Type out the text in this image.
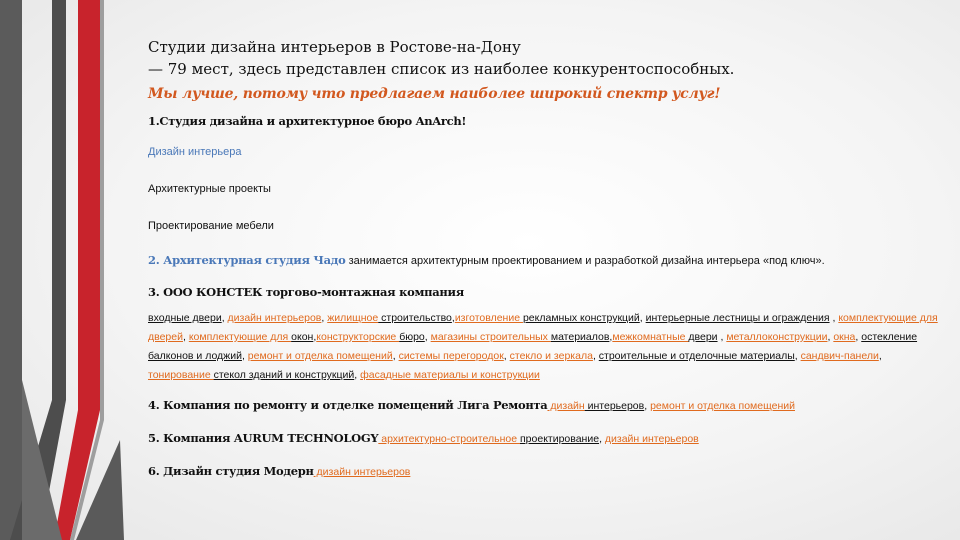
Студии дизайна интерьеров в Ростове-на-Дону

— 79 мест, здесь представлен список из наиболее конкурентоспособных.

Мы лучше, потому что предлагаем наиболее широкий спектр услуг!

1.Студия дизайна и архитектурное бюро AnArch!
Дизайн интерьера
Архитектурные проекты
Проектирование мебели
2. Архитектурная студия Чадо занимается архитектурным проектированием и разработкой дизайна интерьера «под ключ».
3. ООО КОНСТЕК торгово-монтажная компания
входные двери, дизайн интерьеров, жилищное строительство,изготовление рекламных конструкций, интерьерные лестницы и ограждения , комплектующие для дверей, комплектующие для окон,конструкторские бюро, магазины строительных материалов,межкомнатные двери , металлоконструкции, окна, остекление балконов и лоджий, ремонт и отделка помещений, системы перегородок, стекло и зеркала, строительные и отделочные материалы, сандвич-панели, тонирование стекол зданий и конструкций, фасадные материалы и конструкции
4. Компания по ремонту и отделке помещений Лига Ремонта дизайн интерьеров, ремонт и отделка помещений
5. Компания AURUM TECHNOLOGY архитектурно-строительное проектирование, дизайн интерьеров
6. Дизайн студия Модерн дизайн интерьеров
